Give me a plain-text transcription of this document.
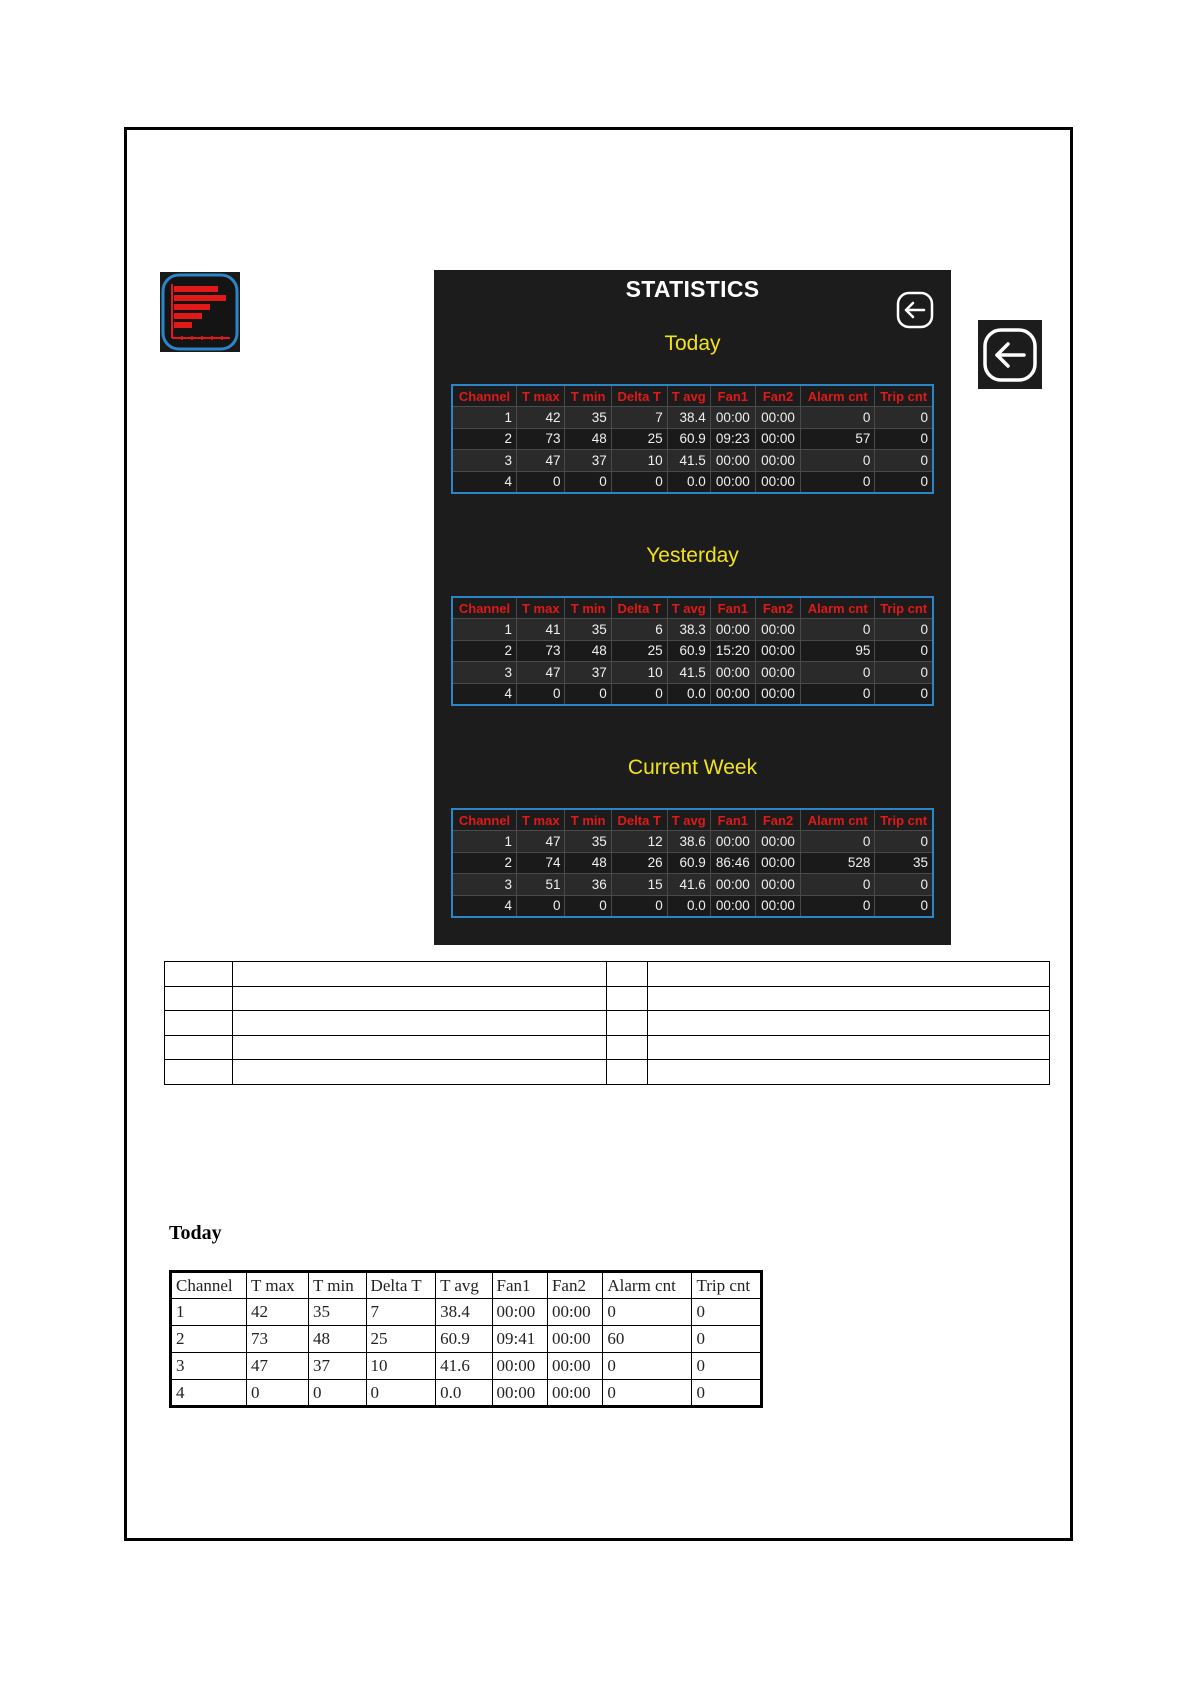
STATISTICS
Today
Channel	T max	T min	Delta T	T avg	Fan1	Fan2	Alarm cnt	Trip cnt
1	42	35	7	38.4	00:00	00:00	0	0
2	73	48	25	60.9	09:23	00:00	57	0
3	47	37	10	41.5	00:00	00:00	0	0
4	0	0	0	0.0	00:00	00:00	0	0
Yesterday
Channel	T max	T min	Delta T	T avg	Fan1	Fan2	Alarm cnt	Trip cnt
1	41	35	6	38.3	00:00	00:00	0	0
2	73	48	25	60.9	15:20	00:00	95	0
3	47	37	10	41.5	00:00	00:00	0	0
4	0	0	0	0.0	00:00	00:00	0	0
Current Week
Channel	T max	T min	Delta T	T avg	Fan1	Fan2	Alarm cnt	Trip cnt
1	47	35	12	38.6	00:00	00:00	0	0
2	74	48	26	60.9	86:46	00:00	528	35
3	51	36	15	41.6	00:00	00:00	0	0
4	0	0	0	0.0	00:00	00:00	0	0

Today
Channel	T max	T min	Delta T	T avg	Fan1	Fan2	Alarm cnt	Trip cnt
1	42	35	7	38.4	00:00	00:00	0	0
2	73	48	25	60.9	09:41	00:00	60	0
3	47	37	10	41.6	00:00	00:00	0	0
4	0	0	0	0.0	00:00	00:00	0	0
